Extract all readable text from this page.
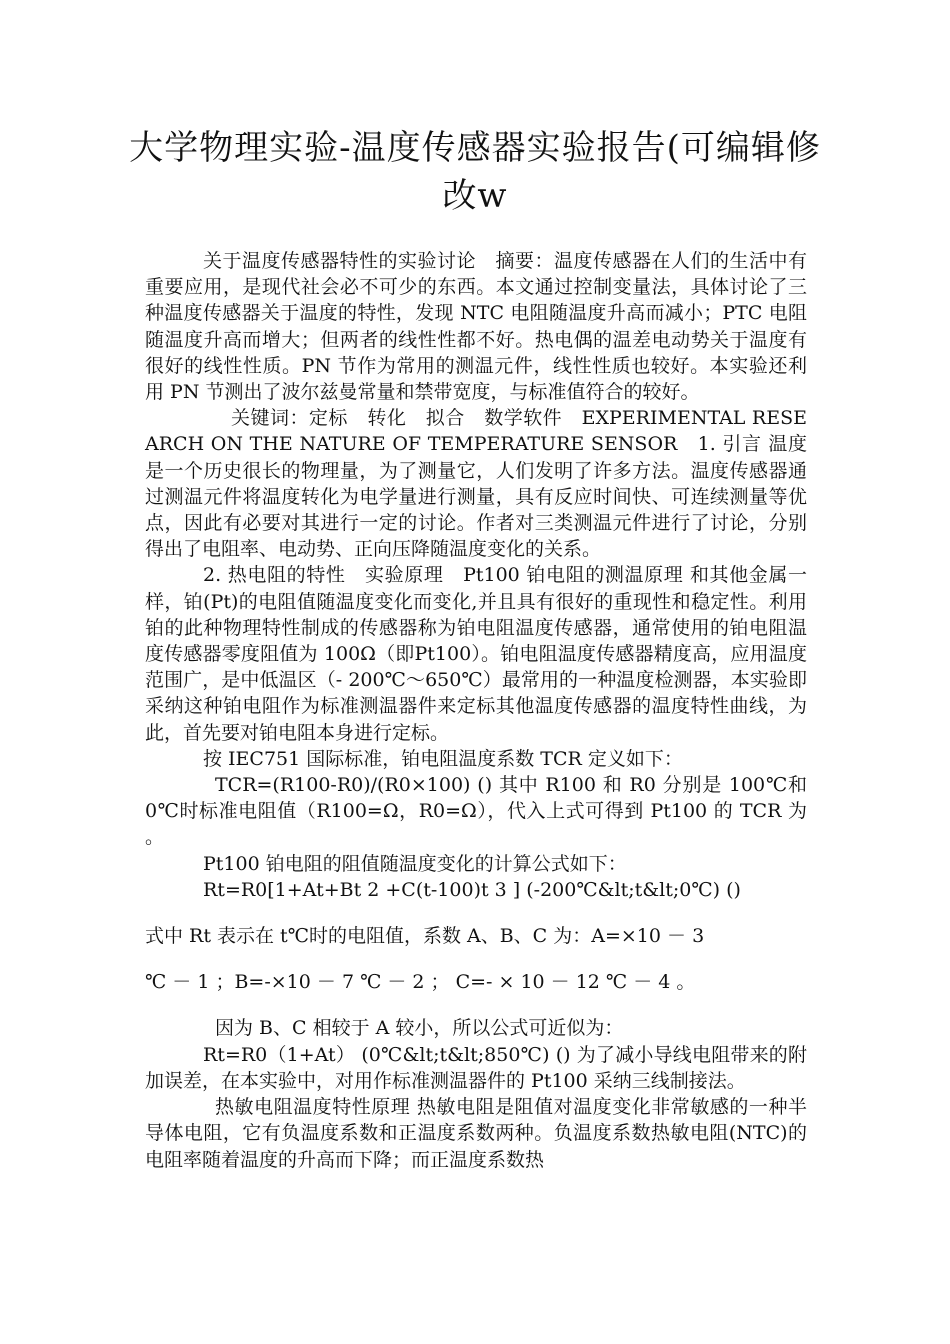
大学物理实验-温度传感器实验报告(可编辑修改w

关于温度传感器特性的实验讨论　摘要：温度传感器在人们的生活中有重要应用，是现代社会必不可少的东西。本文通过控制变量法，具体讨论了三种温度传感器关于温度的特性，发现 NTC 电阻随温度升高而减小；PTC 电阻随温度升高而增大；但两者的线性性都不好。热电偶的温差电动势关于温度有很好的线性性质。PN 节作为常用的测温元件，线性性质也较好。本实验还利用 PN 节测出了波尔兹曼常量和禁带宽度，与标准值符合的较好。

关键词：定标　转化　拟合　数学软件　EXPERIMENTAL RESEARCH ON THE NATURE OF TEMPERATURE SENSOR　1. 引言 温度是一个历史很长的物理量，为了测量它，人们发明了许多方法。温度传感器通过测温元件将温度转化为电学量进行测量，具有反应时间快、可连续测量等优点，因此有必要对其进行一定的讨论。作者对三类测温元件进行了讨论，分别得出了电阻率、电动势、正向压降随温度变化的关系。

2. 热电阻的特性　实验原理　Pt100 铂电阻的测温原理 和其他金属一样，铂(Pt)的电阻值随温度变化而变化,并且具有很好的重现性和稳定性。利用铂的此种物理特性制成的传感器称为铂电阻温度传感器，通常使用的铂电阻温度传感器零度阻值为 100Ω（即Pt100）。铂电阻温度传感器精度高，应用温度范围广，是中低温区（- 200℃～650℃）最常用的一种温度检测器，本实验即采纳这种铂电阻作为标准测温器件来定标其他温度传感器的温度特性曲线，为此，首先要对铂电阻本身进行定标。

按 IEC751 国际标准，铂电阻温度系数 TCR 定义如下：

TCR=(R100-R0)/(R0×100) () 其中 R100 和 R0 分别是 100℃和 0℃时标准电阻值（R100=Ω，R0=Ω），代入上式可得到 Pt100 的 TCR 为 。

Pt100 铂电阻的阻值随温度变化的计算公式如下：

Rt=R0[1+At+Bt 2 +C(t-100)t 3 ] (-200℃&lt;t&lt;0℃) ()

式中 Rt 表示在 t℃时的电阻值，系数 A、B、C 为：A=×10 － 3

℃ － 1 ；B=-×10 － 7 ℃ － 2 ； C=- × 10 － 12 ℃ － 4 。

因为 B、C 相较于 A 较小，所以公式可近似为：

Rt=R0（1+At） (0℃&lt;t&lt;850℃) () 为了减小导线电阻带来的附加误差，在本实验中，对用作标准测温器件的 Pt100 采纳三线制接法。

热敏电阻温度特性原理 热敏电阻是阻值对温度变化非常敏感的一种半导体电阻，它有负温度系数和正温度系数两种。负温度系数热敏电阻(NTC)的电阻率随着温度的升高而下降；而正温度系数热
